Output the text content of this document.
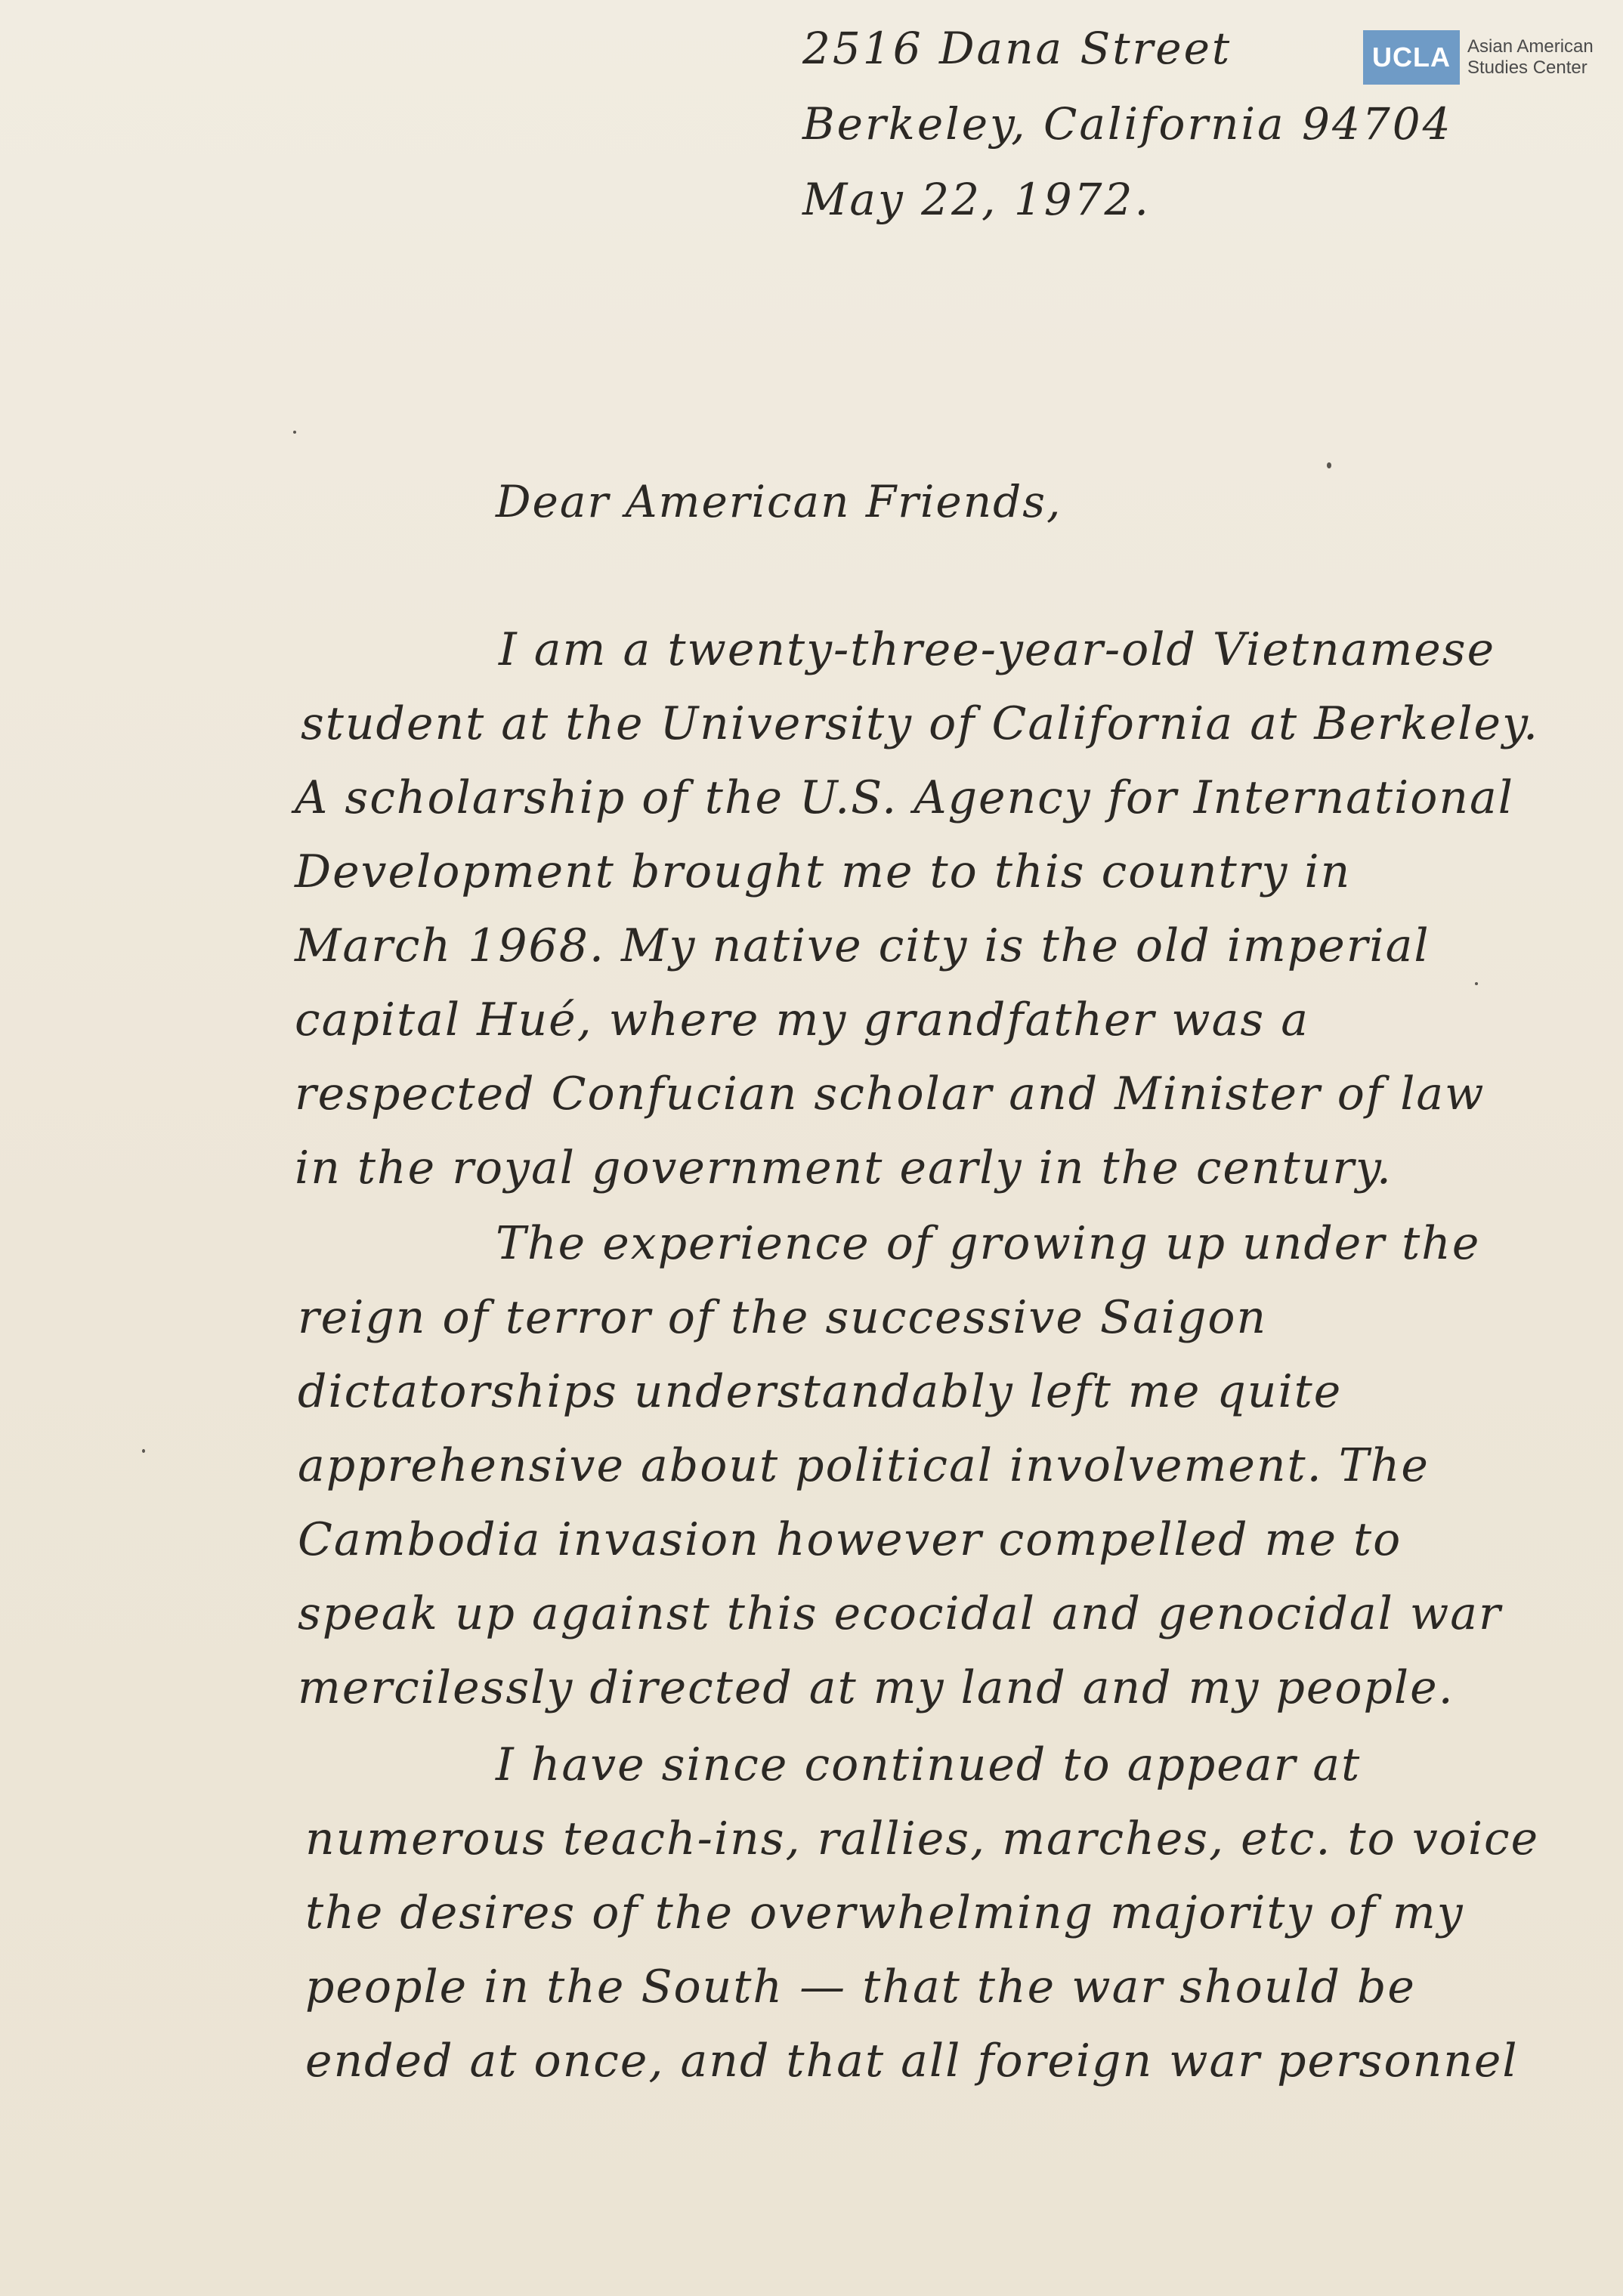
2516 Dana Street
Berkeley, California 94704
May 22, 1972.
UCLA Asian American
Studies Center
Dear American Friends,
I am a twenty-three-year-old Vietnamese
student at the University of California at Berkeley.
A scholarship of the U.S. Agency for International
Development brought me to this country in
March 1968. My native city is the old imperial
capital Hué, where my grandfather was a
respected Confucian scholar and Minister of law
in the royal government early in the century.
The experience of growing up under the
reign of terror of the successive Saigon
dictatorships understandably left me quite
apprehensive about political involvement. The
Cambodia invasion however compelled me to
speak up against this ecocidal and genocidal war
mercilessly directed at my land and my people.
I have since continued to appear at
numerous teach-ins, rallies, marches, etc. to voice
the desires of the overwhelming majority of my
people in the South — that the war should be
ended at once, and that all foreign war personnel
